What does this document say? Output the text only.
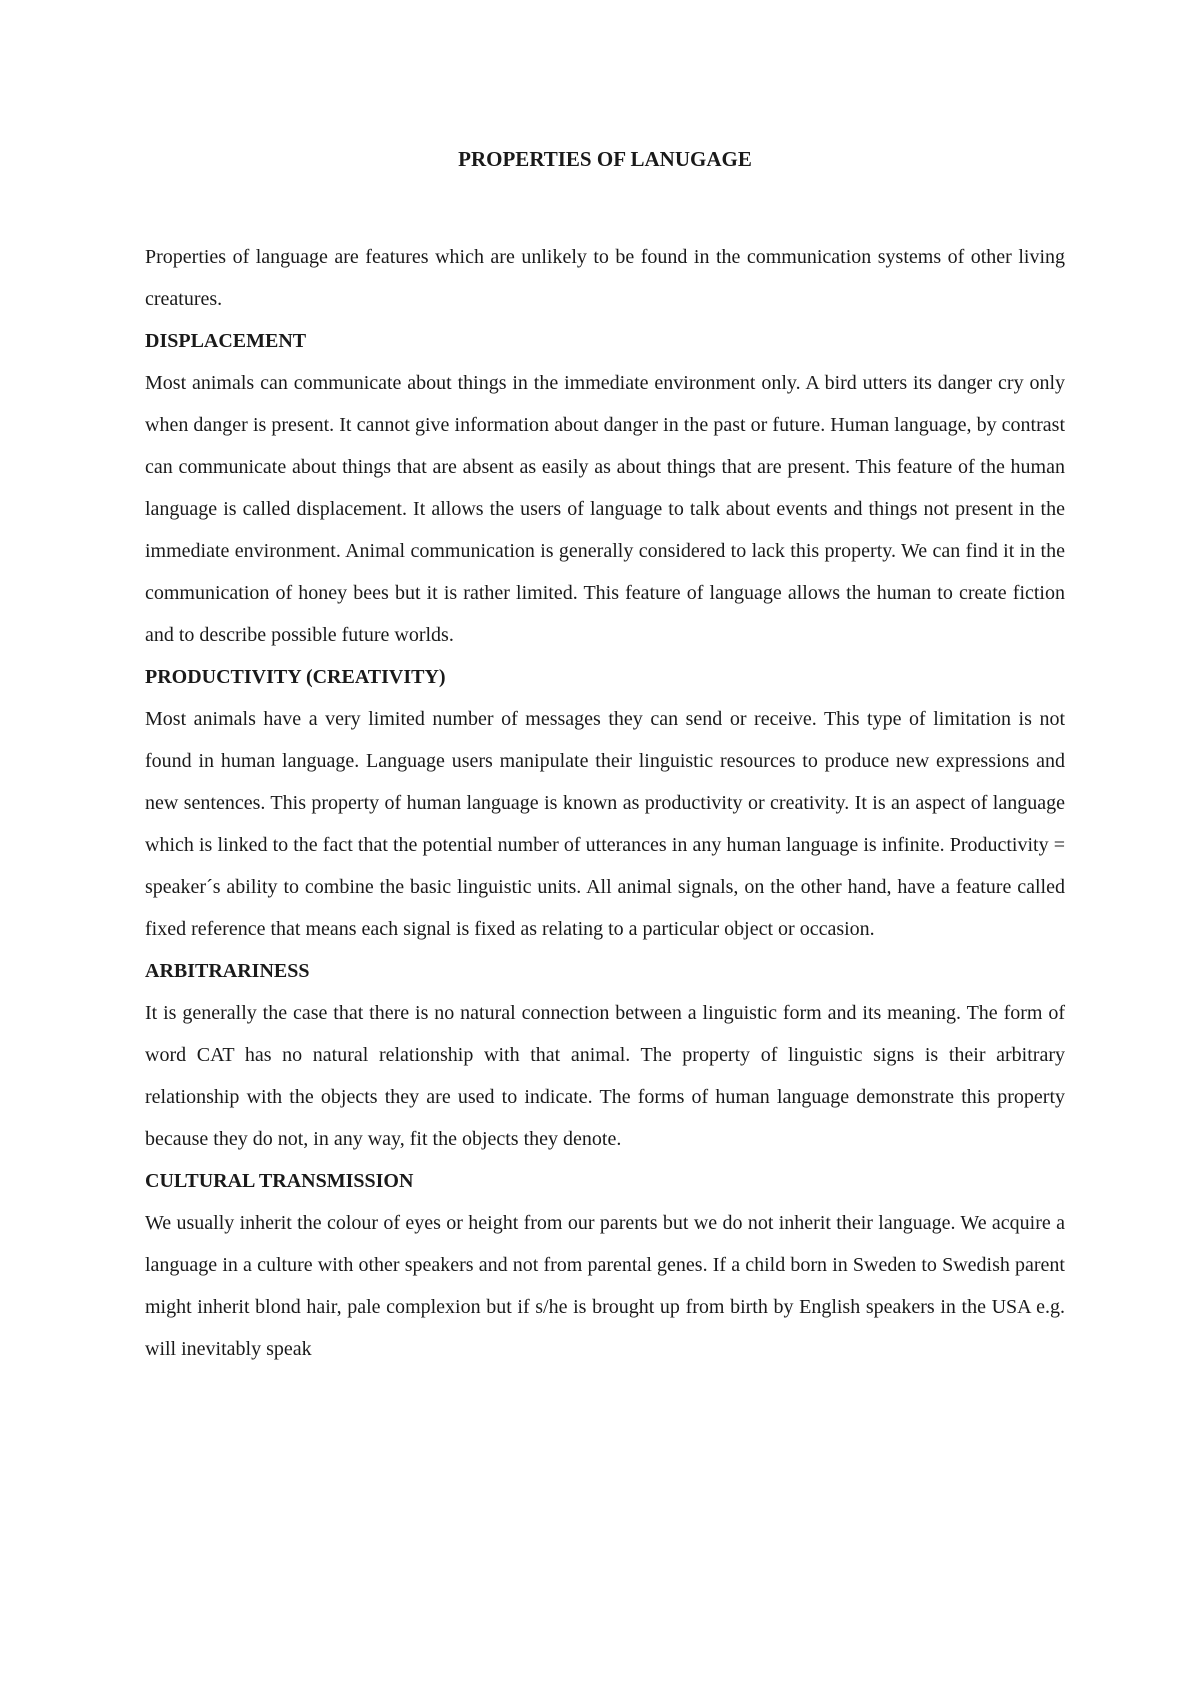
PROPERTIES OF LANUGAGE

Properties of language are features which are unlikely to be found in the communication systems of other living creatures.

DISPLACEMENT

Most animals can communicate about things in the immediate environment only. A bird utters its danger cry only when danger is present. It cannot give information about danger in the past or future. Human language, by contrast can communicate about things that are absent as easily as about things that are present. This feature of the human language is called displacement. It allows the users of language to talk about events and things not present in the immediate environment. Animal communication is generally considered to lack this property. We can find it in the communication of honey bees but it is rather limited. This feature of language allows the human to create fiction and to describe possible future worlds.

PRODUCTIVITY (CREATIVITY)

Most animals have a very limited number of messages they can send or receive. This type of limitation is not found in human language. Language users manipulate their linguistic resources to produce new expressions and new sentences. This property of human language is known as productivity or creativity. It is an aspect of language which is linked to the fact that the potential number of utterances in any human language is infinite. Productivity = speaker´s ability to combine the basic linguistic units. All animal signals, on the other hand, have a feature called fixed reference that means each signal is fixed as relating to a particular object or occasion.

ARBITRARINESS

It is generally the case that there is no natural connection between a linguistic form and its meaning. The form of word CAT has no natural relationship with that animal. The property of linguistic signs is their arbitrary relationship with the objects they are used to indicate. The forms of human language demonstrate this property because they do not, in any way, fit the objects they denote.

CULTURAL TRANSMISSION

We usually inherit the colour of eyes or height from our parents but we do not inherit their language. We acquire a language in a culture with other speakers and not from parental genes. If a child born in Sweden to Swedish parent might inherit blond hair, pale complexion but if s/he is brought up from birth by English speakers in the USA e.g. will inevitably speak
